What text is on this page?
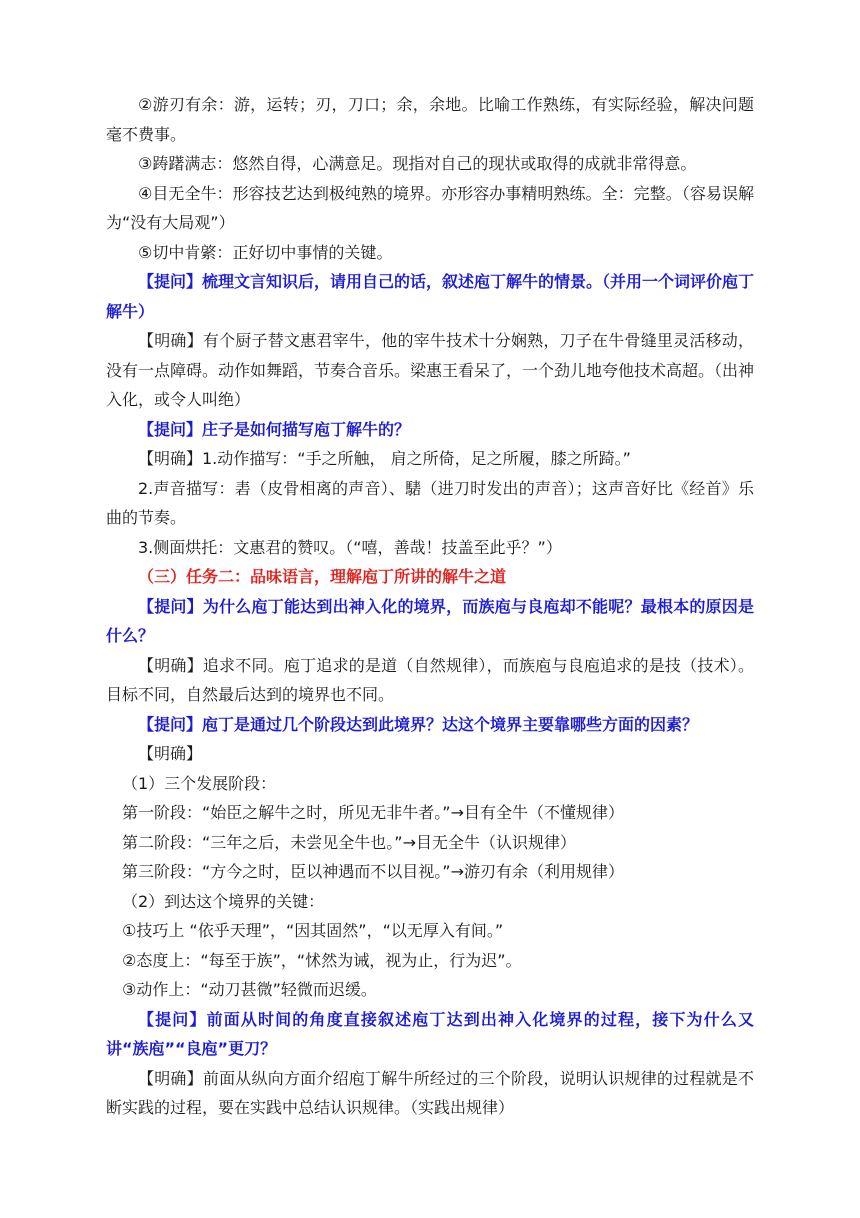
②游刃有余：游，运转；刃，刀口；余，余地。比喻工作熟练，有实际经验，解决问题毫不费事。

③踌躇满志：悠然自得，心满意足。现指对自己的现状或取得的成就非常得意。

④目无全牛：形容技艺达到极纯熟的境界。亦形容办事精明熟练。全：完整。（容易误解为“没有大局观”）

⑤切中肯綮：正好切中事情的关键。

【提问】梳理文言知识后，请用自己的话，叙述庖丁解牛的情景。（并用一个词评价庖丁解牛）

【明确】有个厨子替文惠君宰牛，他的宰牛技术十分娴熟，刀子在牛骨缝里灵活移动，没有一点障碍。动作如舞蹈，节奏合音乐。梁惠王看呆了，一个劲儿地夸他技术高超。（出神入化，或令人叫绝）

【提问】庄子是如何描写庖丁解牛的？

【明确】1.动作描写：“手之所触， 肩之所倚，足之所履，膝之所踦。”

2.声音描写：砉（皮骨相离的声音）、騞（进刀时发出的声音）；这声音好比《经首》乐曲的节奏。

3.侧面烘托：文惠君的赞叹。（“嘻，善哉！技盖至此乎？”）

（三）任务二：品味语言，理解庖丁所讲的解牛之道

【提问】为什么庖丁能达到出神入化的境界，而族庖与良庖却不能呢？最根本的原因是什么？

【明确】追求不同。庖丁追求的是道（自然规律），而族庖与良庖追求的是技（技术）。目标不同，自然最后达到的境界也不同。

【提问】庖丁是通过几个阶段达到此境界？达这个境界主要靠哪些方面的因素？

【明确】

（1）三个发展阶段：

第一阶段：“始臣之解牛之时，所见无非牛者。”→目有全牛（不懂规律）

第二阶段：“三年之后，未尝见全牛也。”→目无全牛（认识规律）

第三阶段：“方今之时，臣以神遇而不以目视。”→游刃有余（利用规律）

（2）到达这个境界的关键：

①技巧上 “依乎天理”，“因其固然”，“以无厚入有间。”

②态度上：“每至于族”，“怵然为诫，视为止，行为迟”。

③动作上：“动刀甚微”轻微而迟缓。

【提问】前面从时间的角度直接叙述庖丁达到出神入化境界的过程，接下为什么又讲“族庖”“良庖”更刀？

【明确】前面从纵向方面介绍庖丁解牛所经过的三个阶段，说明认识规律的过程就是不断实践的过程，要在实践中总结认识规律。（实践出规律）
